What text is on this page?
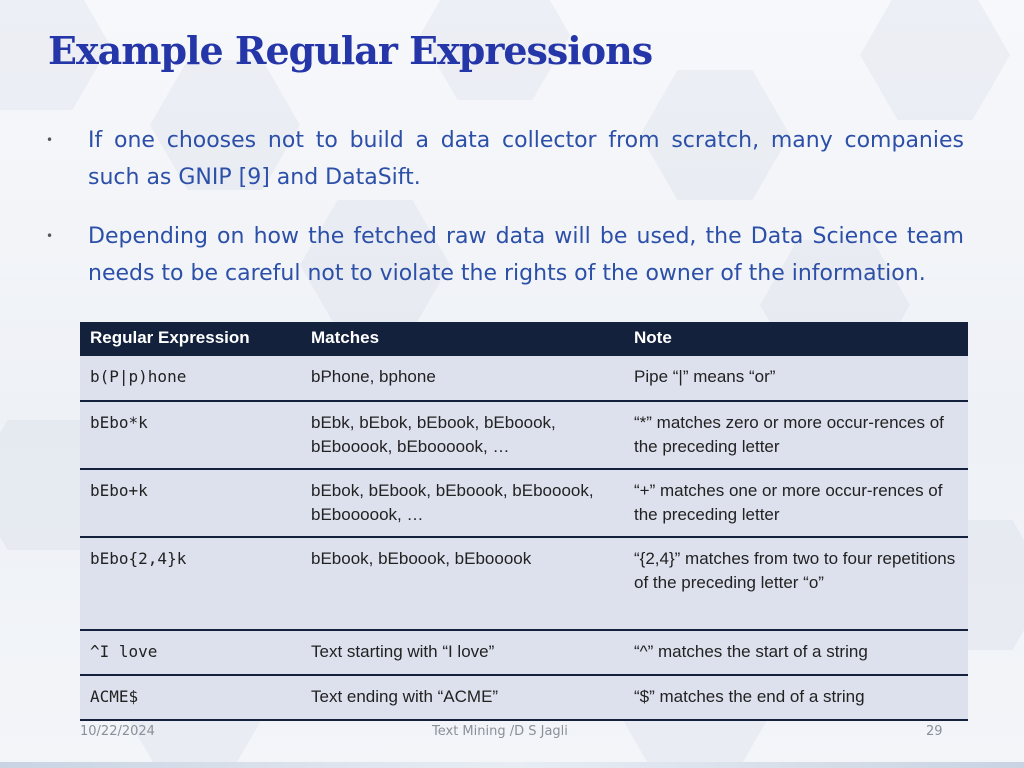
Example Regular Expressions
• If one chooses not to build a data collector from scratch, many companies such as GNIP [9] and DataSift.
• Depending on how the fetched raw data will be used, the Data Science team needs to be careful not to violate the rights of the owner of the information.
Regular Expression	Matches	Note
b(P|p)hone	bPhone, bphone	Pipe “|” means “or”
bEbo*k	bEbk, bEbok, bEbook, bEboook, bEbooook, bEboooook, …	“*” matches zero or more occur-rences of the preceding letter
bEbo+k	bEbok, bEbook, bEboook, bEbooook, bEboooook, …	“+” matches one or more occur-rences of the preceding letter
bEbo{2,4}k	bEbook, bEboook, bEbooook	“{2,4}” matches from two to four repetitions of the preceding letter “o”
^I love	Text starting with “I love”	“^” matches the start of a string
ACME$	Text ending with “ACME”	“$” matches the end of a string
10/22/2024	Text Mining /D S Jagli	29
